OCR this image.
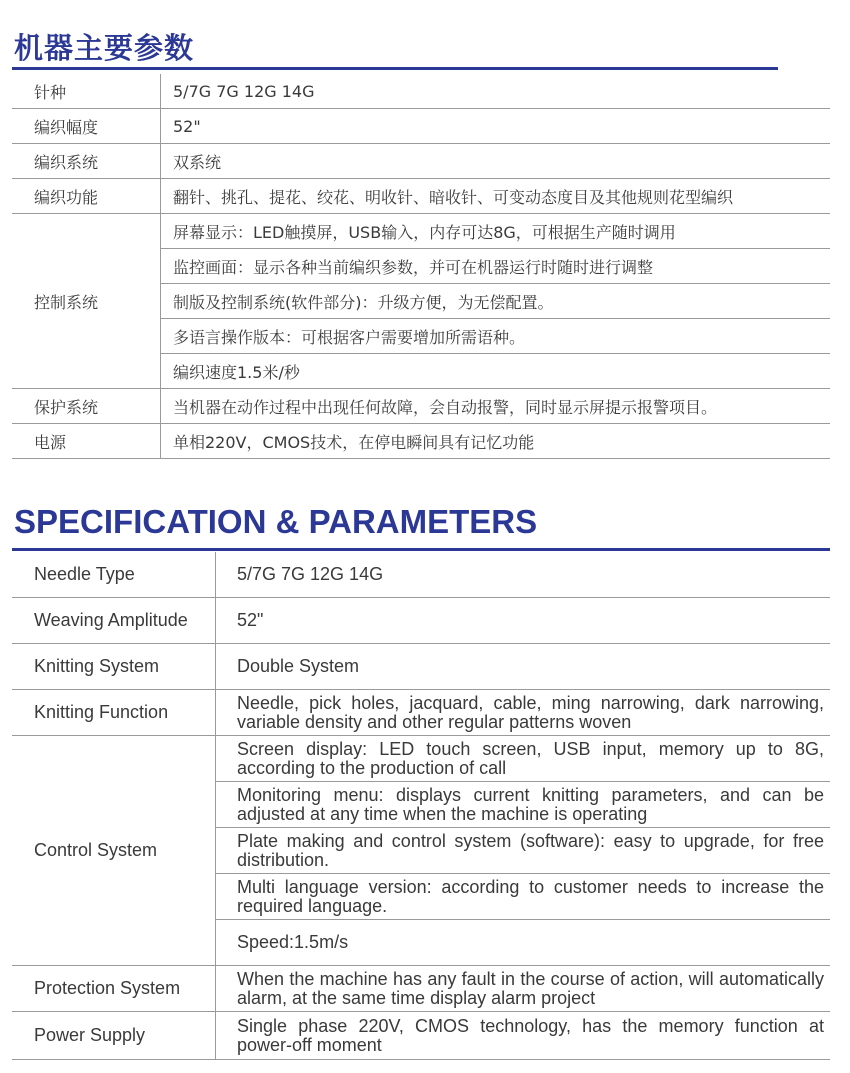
机器主要参数
针种	5/7G 7G 12G 14G
编织幅度	52"
编织系统	双系统
编织功能	翻针、挑孔、提花、绞花、明收针、暗收针、可变动态度目及其他规则花型编织
控制系统	屏幕显示：LED触摸屏，USB输入，内存可达8G，可根据生产随时调用
	监控画面：显示各种当前编织参数，并可在机器运行时随时进行调整
	制版及控制系统(软件部分)：升级方便，为无偿配置。
	多语言操作版本：可根据客户需要增加所需语种。
	编织速度1.5米/秒
保护系统	当机器在动作过程中出现任何故障，会自动报警，同时显示屏提示报警项目。
电源	单相220V，CMOS技术，在停电瞬间具有记忆功能
SPECIFICATION & PARAMETERS
Needle Type	5/7G 7G 12G 14G
Weaving Amplitude	52"
Knitting System	Double System
Knitting Function	Needle, pick holes, jacquard, cable, ming narrowing, dark narrowing, variable density and other regular patterns woven
Control System	Screen display: LED touch screen, USB input, memory up to 8G, according to the production of call
	Monitoring menu: displays current knitting parameters, and can be adjusted at any time when the machine is operating
	Plate making and control system (software): easy to upgrade, for free distribution.
	Multi language version: according to customer needs to increase the required language.
	Speed:1.5m/s
Protection System	When the machine has any fault in the course of action, will automatically alarm, at the same time display alarm project
Power Supply	Single phase 220V, CMOS technology, has the memory function at power-off moment
